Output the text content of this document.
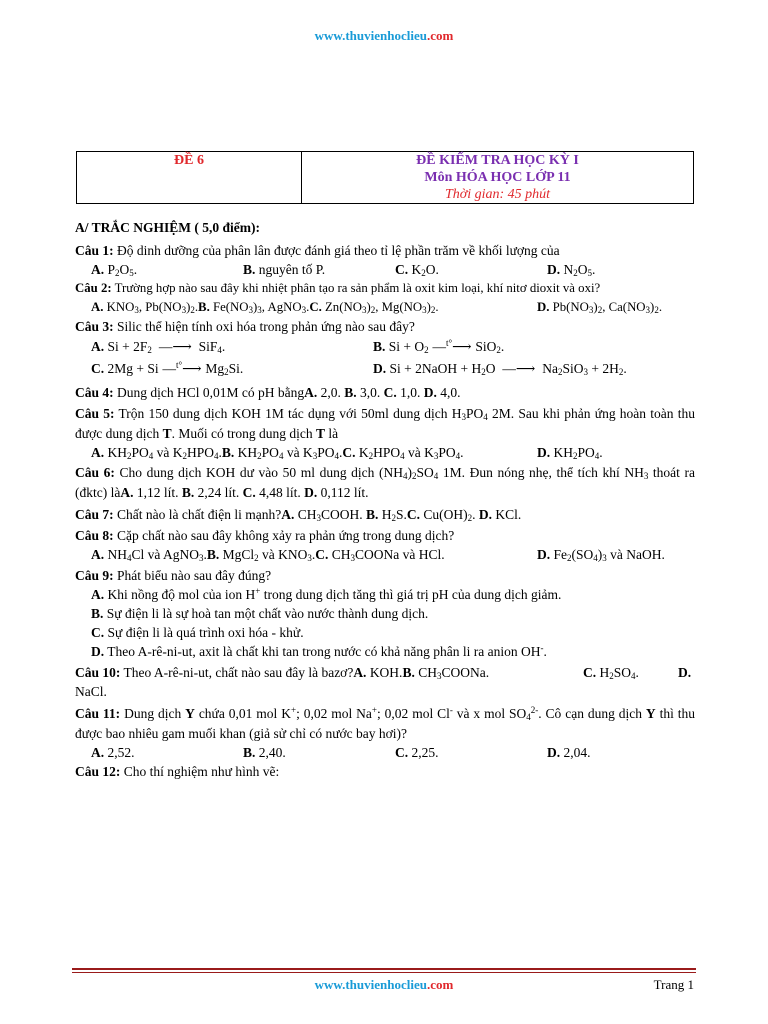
www.thuvienhoclieu.com
ĐỀ 6	ĐỀ KIỂM TRA HỌC KỲ I
Môn HÓA HỌC LỚP 11
Thời gian: 45 phút
A/ TRẮC NGHIỆM ( 5,0 điểm):
Câu 1: Độ dinh dưỡng của phân lân được đánh giá theo tỉ lệ phần trăm về khối lượng của
A. $P_2O_5$.	B. nguyên tố P.	C. $K_2O$.	D. $N_2O_5$.
Câu 2: Trường hợp nào sau đây khi nhiệt phân tạo ra sản phẩm là oxit kim loại, khí nitơ dioxit và oxi?
A. $KNO_3$, $Pb(NO_3)_2.B$. $Fe(NO_3)_3$, AgNO$_3$.C. $Zn(NO_3)_2$, $Mg(NO_3)_2$.	D. $Pb(NO_3)_2$, $Ca(NO_3)_2$.
Câu 3: Silic thể hiện tính oxi hóa trong phản ứng nào sau đây?
A. $Si + 2F_2$ —⟶ SiF$_4$.	B. $Si + O_2$ —$^{t^\circ}$⟶ SiO$_2$.
C. 2Mg + Si —$^{t^\circ}$⟶ $Mg_2Si$.	D. Si + 2NaOH + $H_2O$ —⟶ $Na_2SiO_3 + 2H_2$.
Câu 4: Dung dịch HCl 0,01M có pH bằngA. 2,0. B. 3,0. C. 1,0. D. 4,0.
Câu 5: Trộn 150 dung dịch KOH 1M tác dụng với 50ml dung dịch $H_3PO_4$ 2M. Sau khi phản ứng hoàn toàn thu được dung dịch T. Muối có trong dung dịch T là
A. $KH_2PO_4$ và $K_2HPO_4.B$. $KH_2PO_4$ và $K_3PO_4.C$. $K_2HPO_4$ và $K_3PO_4$.	D. $KH_2PO_4$.
Câu 6: Cho dung dịch KOH dư vào 50 ml dung dịch $(NH_4)_2SO_4$ 1M. Đun nóng nhẹ, thể tích khí $NH_3$ thoát ra (đktc) làA. 1,12 lít. B. 2,24 lít. C. 4,48 lít. D. 0,112 lít.
Câu 7: Chất nào là chất điện li mạnh?A. $CH_3COOH$. B. $H_2S.C$. $Cu(OH)_2$. D. KCl.
Câu 8: Cặp chất nào sau đây không xảy ra phản ứng trong dung dịch?
A. $NH_4Cl$ và AgNO$_3$.B. MgCl$_2$ và $KNO_3.C$. $CH_3COONa$ và HCl.	D. $Fe_2(SO_4)_3$ và NaOH.
Câu 9: Phát biểu nào sau đây đúng?
A. Khi nồng độ mol của ion H+ trong dung dịch tăng thì giá trị pH của dung dịch giảm.
B. Sự điện li là sự hoà tan một chất vào nước thành dung dịch.
C. Sự điện li là quá trình oxi hóa - khử.
D. Theo A-rê-ni-ut, axit là chất khi tan trong nước có khả năng phân li ra anion OH-.
Câu 10: Theo A-rê-ni-ut, chất nào sau đây là bazơ?A. KOH.B. $CH_3COONa$.	C. $H_2SO_4$.	D.
NaCl.
Câu 11: Dung dịch Y chứa 0,01 mol K+; 0,02 mol Na+; 0,02 mol Cl- và x mol $SO_4^{2-}$. Cô cạn dung dịch Y thì thu được bao nhiêu gam muối khan (giả sử chỉ có nước bay hơi)?
A. 2,52.	B. 2,40.	C. 2,25.	D. 2,04.
Câu 12: Cho thí nghiệm như hình vẽ:
www.thuvienhoclieu.com	Trang 1
